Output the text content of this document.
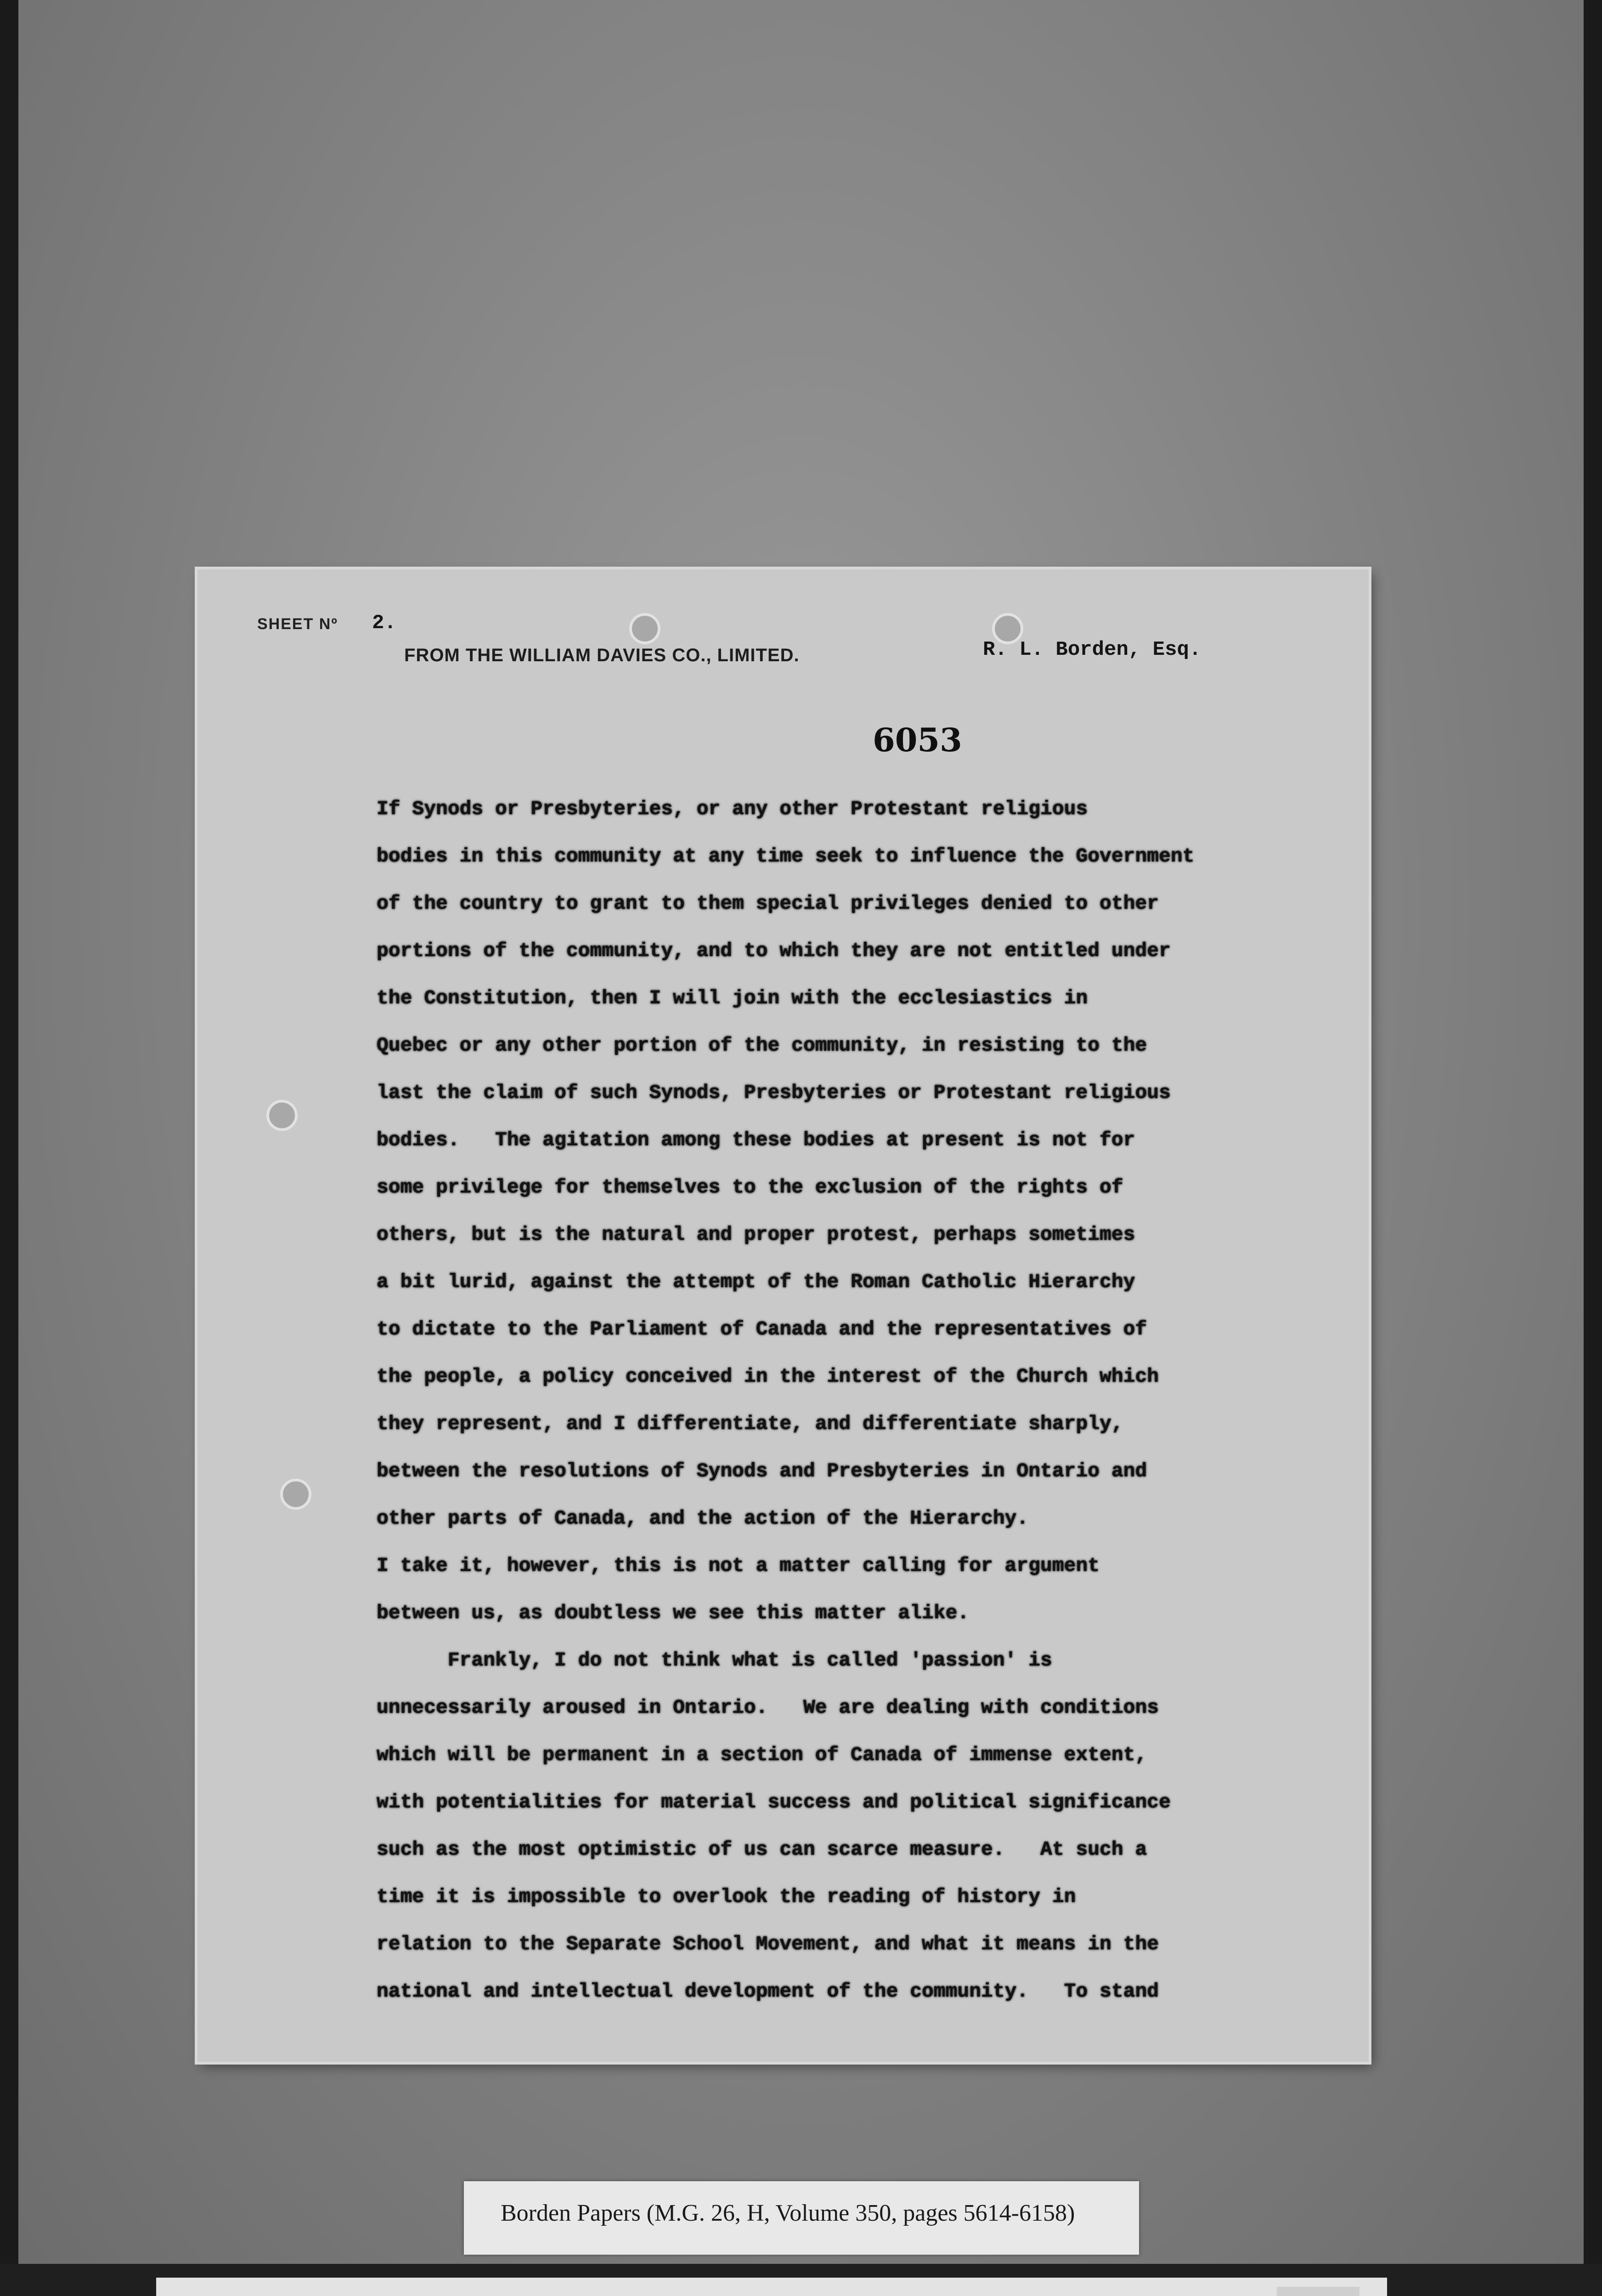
SHEET Nº 2.
FROM THE WILLIAM DAVIES CO., LIMITED.	R. L. Borden, Esq.
6053
If Synods or Presbyteries, or any other Protestant religious
bodies in this community at any time seek to influence the Government
of the country to grant to them special privileges denied to other
portions of the community, and to which they are not entitled under
the Constitution, then I will join with the ecclesiastics in
Quebec or any other portion of the community, in resisting to the
last the claim of such Synods, Presbyteries or Protestant religious
bodies.   The agitation among these bodies at present is not for
some privilege for themselves to the exclusion of the rights of
others, but is the natural and proper protest, perhaps sometimes
a bit lurid, against the attempt of the Roman Catholic Hierarchy
to dictate to the Parliament of Canada and the representatives of
the people, a policy conceived in the interest of the Church which
they represent, and I differentiate, and differentiate sharply,
between the resolutions of Synods and Presbyteries in Ontario and
other parts of Canada, and the action of the Hierarchy.
I take it, however, this is not a matter calling for argument
between us, as doubtless we see this matter alike.
Frankly, I do not think what is called 'passion' is
unnecessarily aroused in Ontario.   We are dealing with conditions
which will be permanent in a section of Canada of immense extent,
with potentialities for material success and political significance
such as the most optimistic of us can scarce measure.   At such a
time it is impossible to overlook the reading of history in
relation to the Separate School Movement, and what it means in the
national and intellectual development of the community.   To stand
Borden Papers (M.G. 26, H, Volume 350, pages 5614-6158)
